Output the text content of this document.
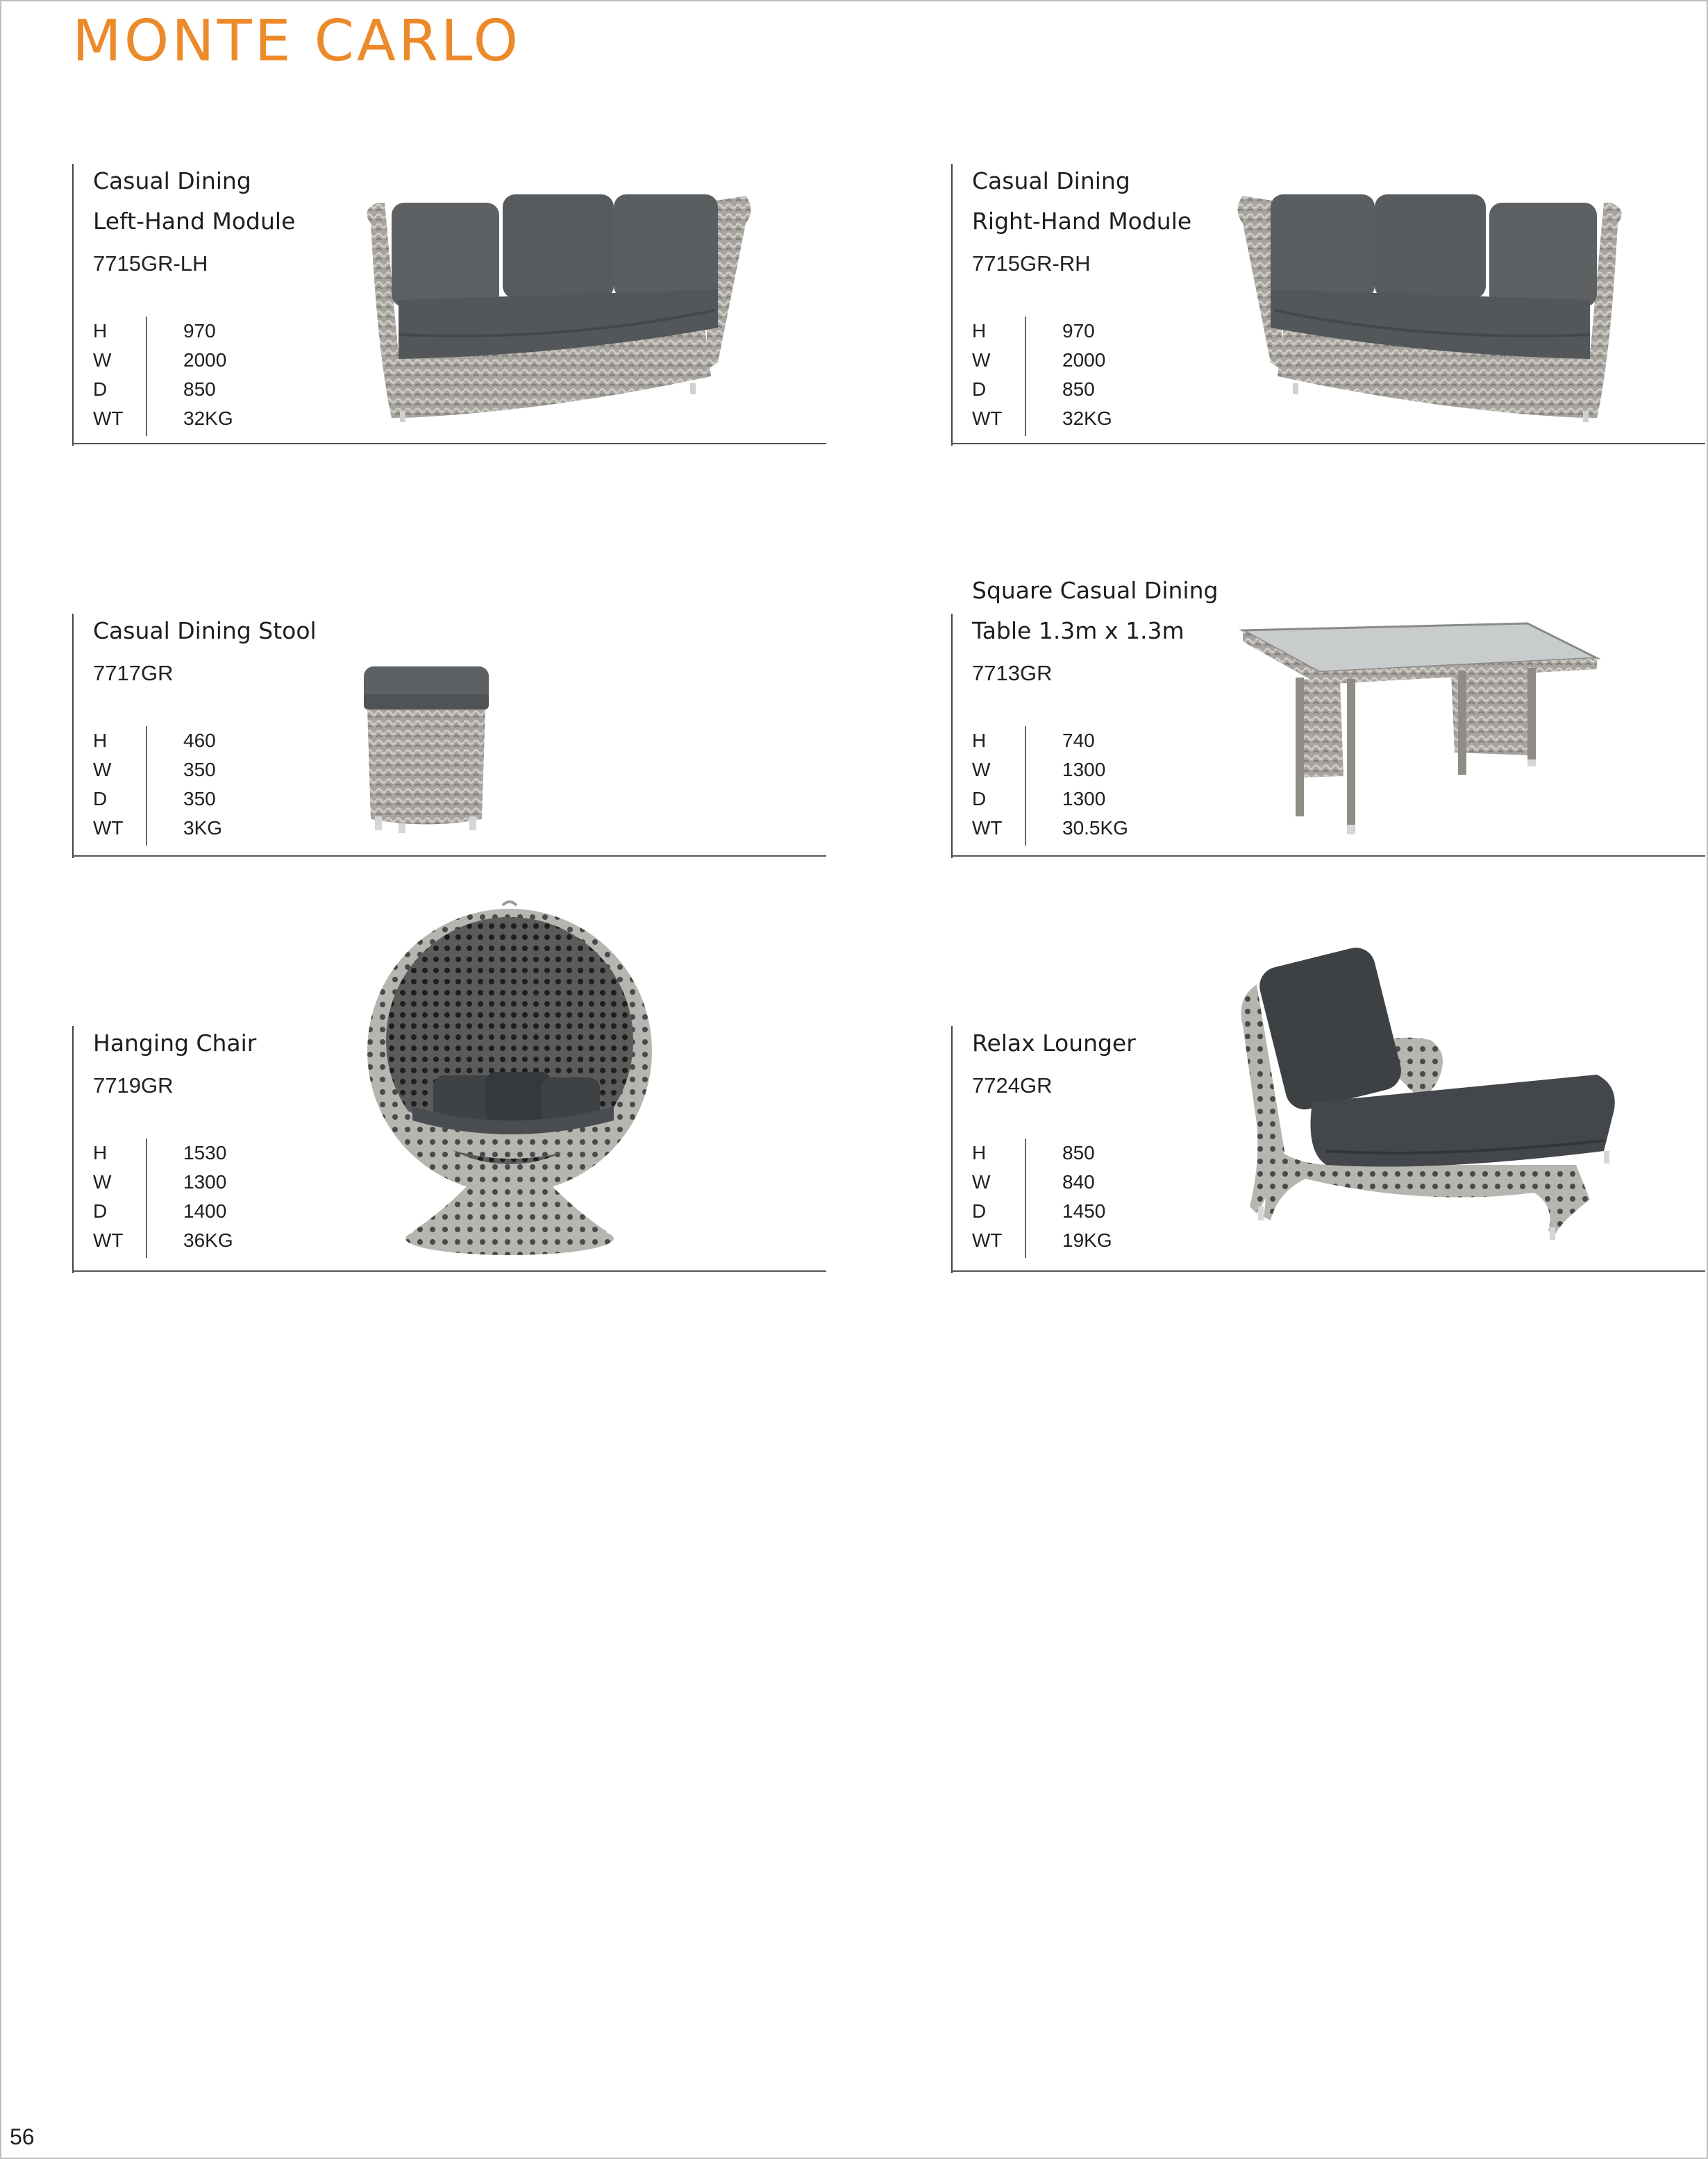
MONTE CARLO
Casual Dining
Left-Hand Module
7715GR-LH
H	970
W	2000
D	850
WT	32KG
Casual Dining
Right-Hand Module
7715GR-RH
H	970
W	2000
D	850
WT	32KG
Casual Dining Stool
7717GR
H	460
W	350
D	350
WT	3KG
Square Casual Dining
Table 1.3m x 1.3m
7713GR
H	740
W	1300
D	1300
WT	30.5KG
Hanging Chair
7719GR
H	1530
W	1300
D	1400
WT	36KG
Relax Lounger
7724GR
H	850
W	840
D	1450
WT	19KG
56
